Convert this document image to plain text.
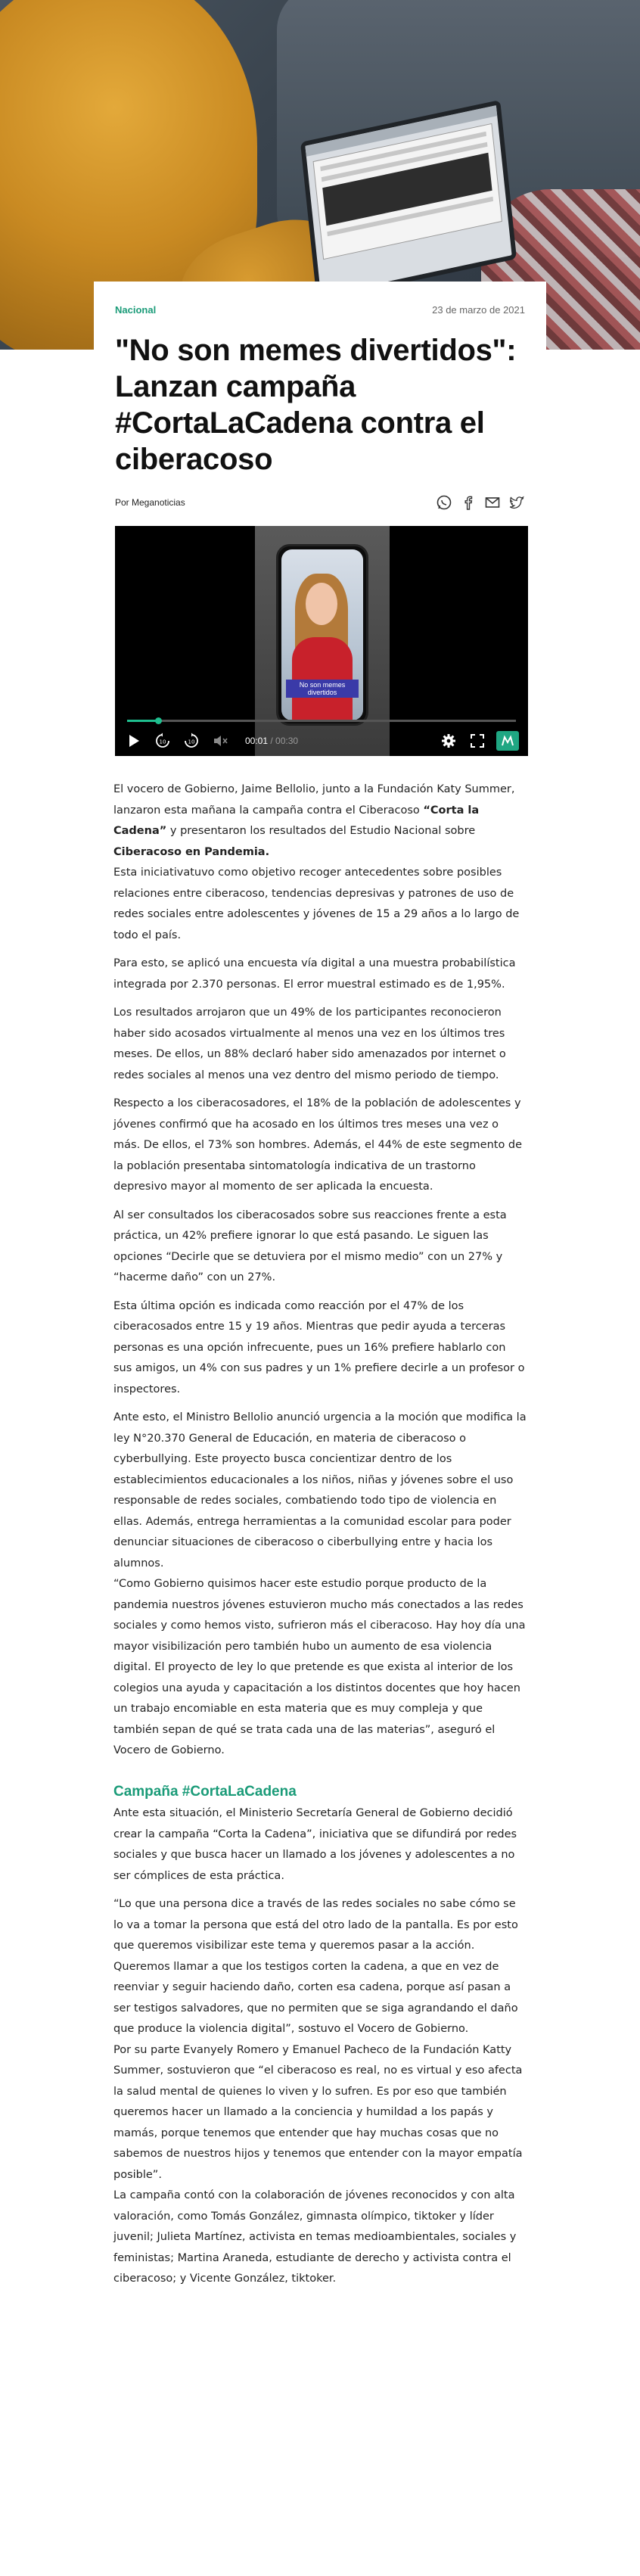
Nacional	23 de marzo de 2021
"No son memes divertidos": Lanzan campaña #CortaLaCadena contra el ciberacoso
Por Meganoticias
No son memes divertidos
10	10	00:01 / 00:30

El vocero de Gobierno, Jaime Bellolio, junto a la Fundación Katy Summer, lanzaron esta mañana la campaña contra el Ciberacoso “Corta la Cadena” y presentaron los resultados del Estudio Nacional sobre Ciberacoso en Pandemia.

Esta iniciativatuvo como objetivo recoger antecedentes sobre posibles relaciones entre ciberacoso, tendencias depresivas y patrones de uso de redes sociales entre adolescentes y jóvenes de 15 a 29 años a lo largo de todo el país.

Para esto, se aplicó una encuesta vía digital a una muestra probabilística integrada por 2.370 personas. El error muestral estimado es de 1,95%.

Los resultados arrojaron que un 49% de los participantes reconocieron haber sido acosados virtualmente al menos una vez en los últimos tres meses. De ellos, un 88% declaró haber sido amenazados por internet o redes sociales al menos una vez dentro del mismo periodo de tiempo.

Respecto a los ciberacosadores, el 18% de la población de adolescentes y jóvenes confirmó que ha acosado en los últimos tres meses una vez o más. De ellos, el 73% son hombres. Además, el 44% de este segmento de la población presentaba sintomatología indicativa de un trastorno depresivo mayor al momento de ser aplicada la encuesta.

Al ser consultados los ciberacosados sobre sus reacciones frente a esta práctica, un 42% prefiere ignorar lo que está pasando. Le siguen las opciones “Decirle que se detuviera por el mismo medio” con un 27% y “hacerme daño” con un 27%.

Esta última opción es indicada como reacción por el 47% de los ciberacosados entre 15 y 19 años. Mientras que pedir ayuda a terceras personas es una opción infrecuente, pues un 16% prefiere hablarlo con sus amigos, un 4% con sus padres y un 1% prefiere decirle a un profesor o inspectores.

Ante esto, el Ministro Bellolio anunció urgencia a la moción que modifica la ley N°20.370 General de Educación, en materia de ciberacoso o cyberbullying. Este proyecto busca concientizar dentro de los establecimientos educacionales a los niños, niñas y jóvenes sobre el uso responsable de redes sociales, combatiendo todo tipo de violencia en ellas. Además, entrega herramientas a la comunidad escolar para poder denunciar situaciones de ciberacoso o ciberbullying entre y hacia los alumnos.

“Como Gobierno quisimos hacer este estudio porque producto de la pandemia nuestros jóvenes estuvieron mucho más conectados a las redes sociales y como hemos visto, sufrieron más el ciberacoso. Hay hoy día una mayor visibilización pero también hubo un aumento de esa violencia digital. El proyecto de ley lo que pretende es que exista al interior de los colegios una ayuda y capacitación a los distintos docentes que hoy hacen un trabajo encomiable en esta materia que es muy compleja y que también sepan de qué se trata cada una de las materias”, aseguró el Vocero de Gobierno.

Campaña #CortaLaCadena

Ante esta situación, el Ministerio Secretaría General de Gobierno decidió crear la campaña “Corta la Cadena”, iniciativa que se difundirá por redes sociales y que busca hacer un llamado a los jóvenes y adolescentes a no ser cómplices de esta práctica.

“Lo que una persona dice a través de las redes sociales no sabe cómo se lo va a tomar la persona que está del otro lado de la pantalla. Es por esto que queremos visibilizar este tema y queremos pasar a la acción. Queremos llamar a que los testigos corten la cadena, a que en vez de reenviar y seguir haciendo daño, corten esa cadena, porque así pasan a ser testigos salvadores, que no permiten que se siga agrandando el daño que produce la violencia digital”, sostuvo el Vocero de Gobierno.

Por su parte Evanyely Romero y Emanuel Pacheco de la Fundación Katty Summer, sostuvieron que “el ciberacoso es real, no es virtual y eso afecta la salud mental de quienes lo viven y lo sufren. Es por eso que también queremos hacer un llamado a la conciencia y humildad a los papás y mamás, porque tenemos que entender que hay muchas cosas que no sabemos de nuestros hijos y tenemos que entender con la mayor empatía posible”.

La campaña contó con la colaboración de jóvenes reconocidos y con alta valoración, como Tomás González, gimnasta olímpico, tiktoker y líder juvenil; Julieta Martínez, activista en temas medioambientales, sociales y feministas; Martina Araneda, estudiante de derecho y activista contra el ciberacoso; y Vicente González, tiktoker.
